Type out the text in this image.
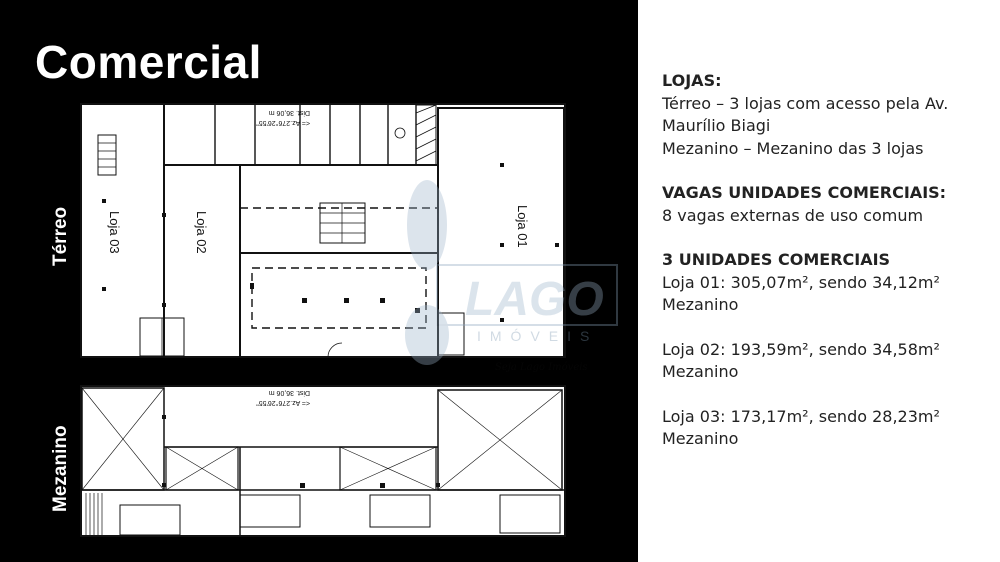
Comercial
Térreo
Mezanino
Loja 03	Loja 02	Loja 01
Dist. 36,06 m
<= Az.276°26'55"
Dist. 36,06 m
<= Az.276°26'55"
LAGO
IMÓVEIS
Seja Lago Imóveis
LOJAS:
Térreo – 3 lojas com acesso pela Av.
Maurílio Biagi
Mezanino – Mezanino das 3 lojas
VAGAS UNIDADES COMERCIAIS:
8 vagas externas de uso comum
3 UNIDADES COMERCIAIS
Loja 01: 305,07m², sendo 34,12m²
Mezanino
Loja 02: 193,59m², sendo 34,58m²
Mezanino
Loja 03: 173,17m², sendo 28,23m²
Mezanino
